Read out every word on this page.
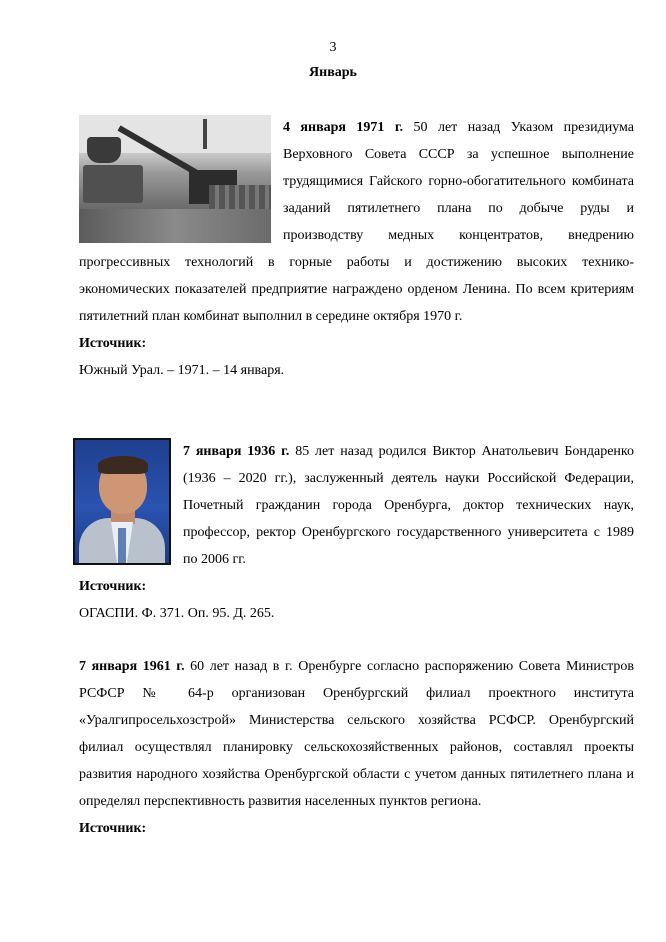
3
Январь

4 января 1971 г. 50 лет назад Указом президиума Верховного Совета СССР за успешное выполнение трудящимися Гайского горно-обогатительного комбината заданий пятилетнего плана по добыче руды и производству медных концентратов, внедрению прогрессивных технологий в горные работы и достижению высоких технико-экономических показателей предприятие награждено орденом Ленина. По всем критериям пятилетний план комбинат выполнил в середине октября 1970 г.

Источник:

Южный Урал. – 1971. – 14 января.

7 января 1936 г. 85 лет назад родился Виктор Анатольевич Бондаренко (1936 – 2020 гг.), заслуженный деятель науки Российской Федерации, Почетный гражданин города Оренбурга, доктор технических наук, профессор, ректор Оренбургского государственного университета с 1989 по 2006 гг.

Источник:

ОГАСПИ. Ф. 371. Оп. 95. Д. 265.

7 января 1961 г. 60 лет назад в г. Оренбурге согласно распоряжению Совета Министров РСФСР № 64-р организован Оренбургский филиал проектного института «Уралгипросельхозстрой» Министерства сельского хозяйства РСФСР. Оренбургский филиал осуществлял планировку сельскохозяйственных районов, составлял проекты развития народного хозяйства Оренбургской области с учетом данных пятилетнего плана и определял перспективность развития населенных пунктов региона.

Источник:
